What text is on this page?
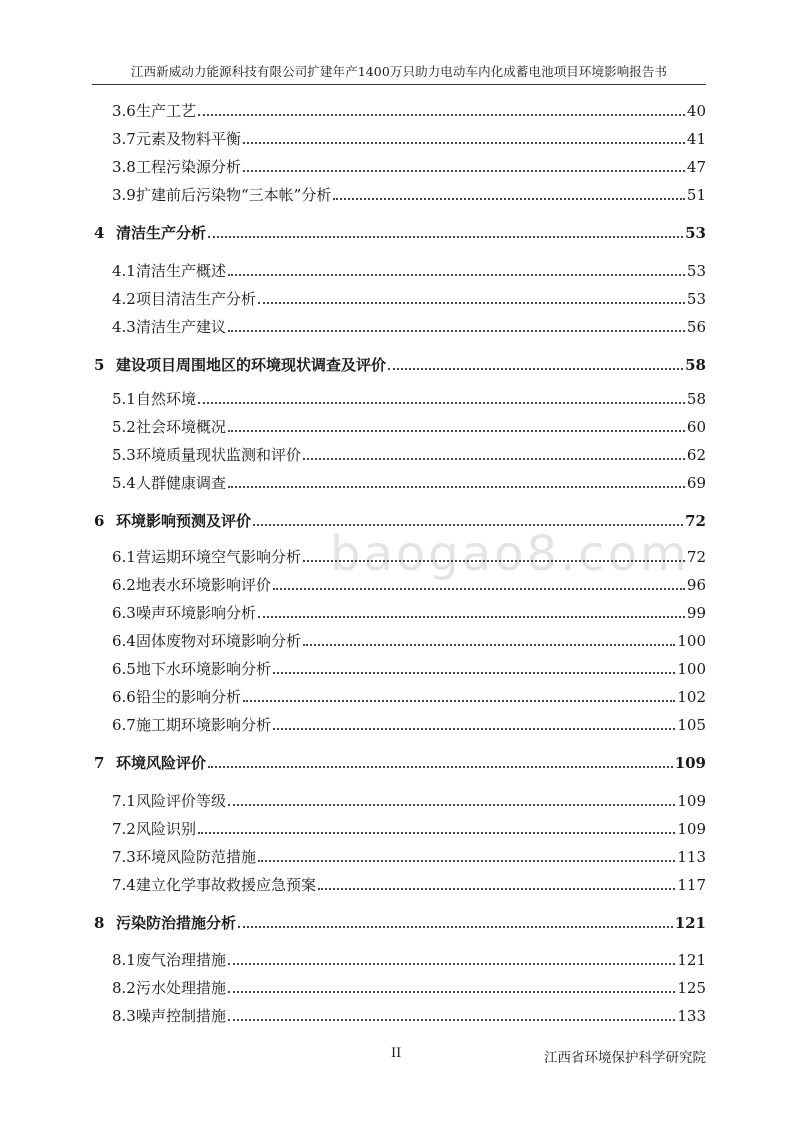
江西新威动力能源科技有限公司扩建年产1400万只助力电动车内化成蓄电池项目环境影响报告书
baogao8.com
3.6 生产工艺	40
3.7 元素及物料平衡	41
3.8 工程污染源分析	47
3.9 扩建前后污染物“三本帐”分析	51
4 清洁生产分析	53
4.1 清洁生产概述	53
4.2 项目清洁生产分析	53
4.3 清洁生产建议	56
5 建设项目周围地区的环境现状调查及评价	58
5.1 自然环境	58
5.2 社会环境概况	60
5.3 环境质量现状监测和评价	62
5.4 人群健康调查	69
6 环境影响预测及评价	72
6.1 营运期环境空气影响分析	72
6.2 地表水环境影响评价	96
6.3 噪声环境影响分析	99
6.4 固体废物对环境影响分析	100
6.5 地下水环境影响分析	100
6.6 铅尘的影响分析	102
6.7 施工期环境影响分析	105
7 环境风险评价	109
7.1 风险评价等级	109
7.2 风险识别	109
7.3 环境风险防范措施	113
7.4 建立化学事故救援应急预案	117
8 污染防治措施分析	121
8.1 废气治理措施	121
8.2 污水处理措施	125
8.3 噪声控制措施	133
II	江西省环境保护科学研究院
